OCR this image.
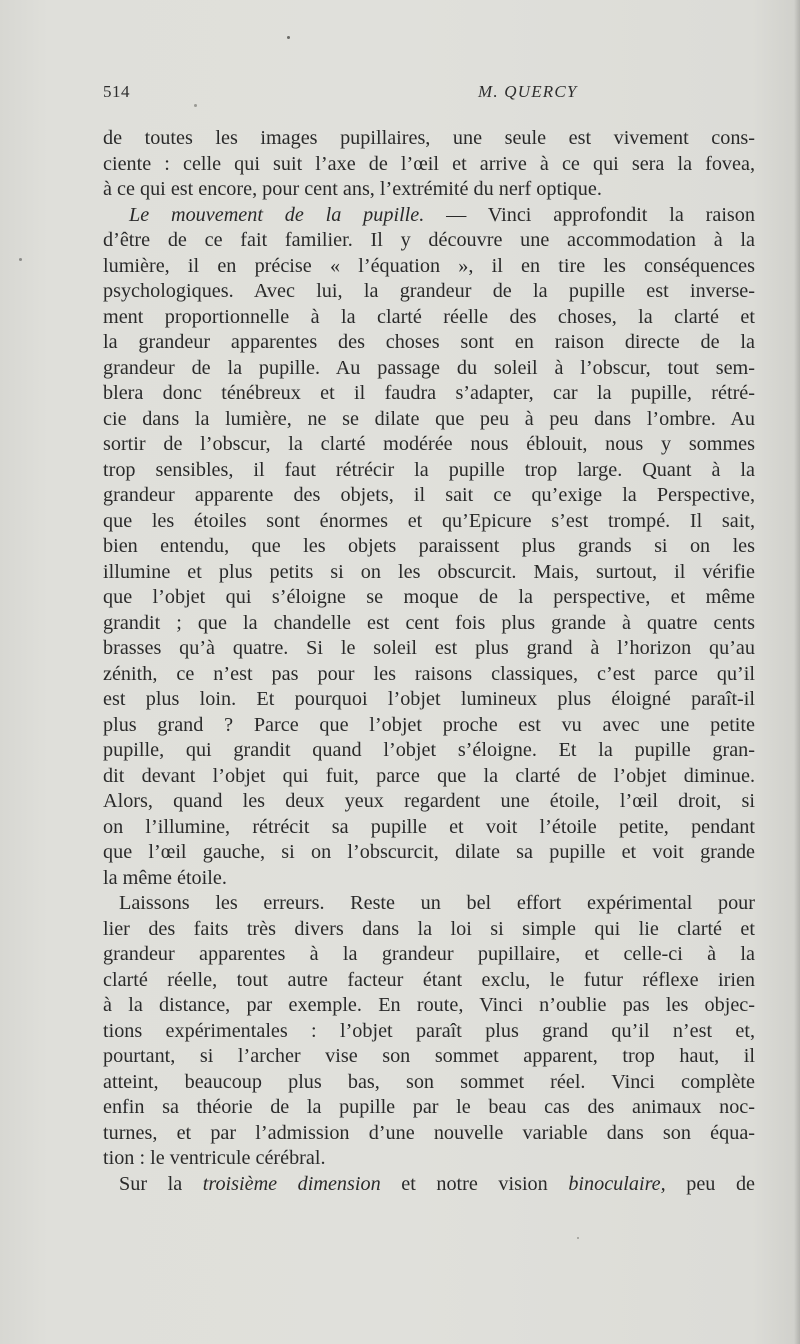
514	M. QUERCY
de toutes les images pupillaires, une seule est vivement cons-
ciente : celle qui suit l’axe de l’œil et arrive à ce qui sera la fovea,
à ce qui est encore, pour cent ans, l’extrémité du nerf optique.
Le mouvement de la pupille. — Vinci approfondit la raison
d’être de ce fait familier. Il y découvre une accommodation à la
lumière, il en précise « l’équation », il en tire les conséquences
psychologiques. Avec lui, la grandeur de la pupille est inverse-
ment proportionnelle à la clarté réelle des choses, la clarté et
la grandeur apparentes des choses sont en raison directe de la
grandeur de la pupille. Au passage du soleil à l’obscur, tout sem-
blera donc ténébreux et il faudra s’adapter, car la pupille, rétré-
cie dans la lumière, ne se dilate que peu à peu dans l’ombre. Au
sortir de l’obscur, la clarté modérée nous éblouit, nous y sommes
trop sensibles, il faut rétrécir la pupille trop large. Quant à la
grandeur apparente des objets, il sait ce qu’exige la Perspective,
que les étoiles sont énormes et qu’Epicure s’est trompé. Il sait,
bien entendu, que les objets paraissent plus grands si on les
illumine et plus petits si on les obscurcit. Mais, surtout, il vérifie
que l’objet qui s’éloigne se moque de la perspective, et même
grandit ; que la chandelle est cent fois plus grande à quatre cents
brasses qu’à quatre. Si le soleil est plus grand à l’horizon qu’au
zénith, ce n’est pas pour les raisons classiques, c’est parce qu’il
est plus loin. Et pourquoi l’objet lumineux plus éloigné paraît-il
plus grand ? Parce que l’objet proche est vu avec une petite
pupille, qui grandit quand l’objet s’éloigne. Et la pupille gran-
dit devant l’objet qui fuit, parce que la clarté de l’objet diminue.
Alors, quand les deux yeux regardent une étoile, l’œil droit, si
on l’illumine, rétrécit sa pupille et voit l’étoile petite, pendant
que l’œil gauche, si on l’obscurcit, dilate sa pupille et voit grande
la même étoile.
Laissons les erreurs. Reste un bel effort expérimental pour
lier des faits très divers dans la loi si simple qui lie clarté et
grandeur apparentes à la grandeur pupillaire, et celle-ci à la
clarté réelle, tout autre facteur étant exclu, le futur réflexe irien
à la distance, par exemple. En route, Vinci n’oublie pas les objec-
tions expérimentales : l’objet paraît plus grand qu’il n’est et,
pourtant, si l’archer vise son sommet apparent, trop haut, il
atteint, beaucoup plus bas, son sommet réel. Vinci complète
enfin sa théorie de la pupille par le beau cas des animaux noc-
turnes, et par l’admission d’une nouvelle variable dans son équa-
tion : le ventricule cérébral.
Sur la troisième dimension et notre vision binoculaire, peu de
